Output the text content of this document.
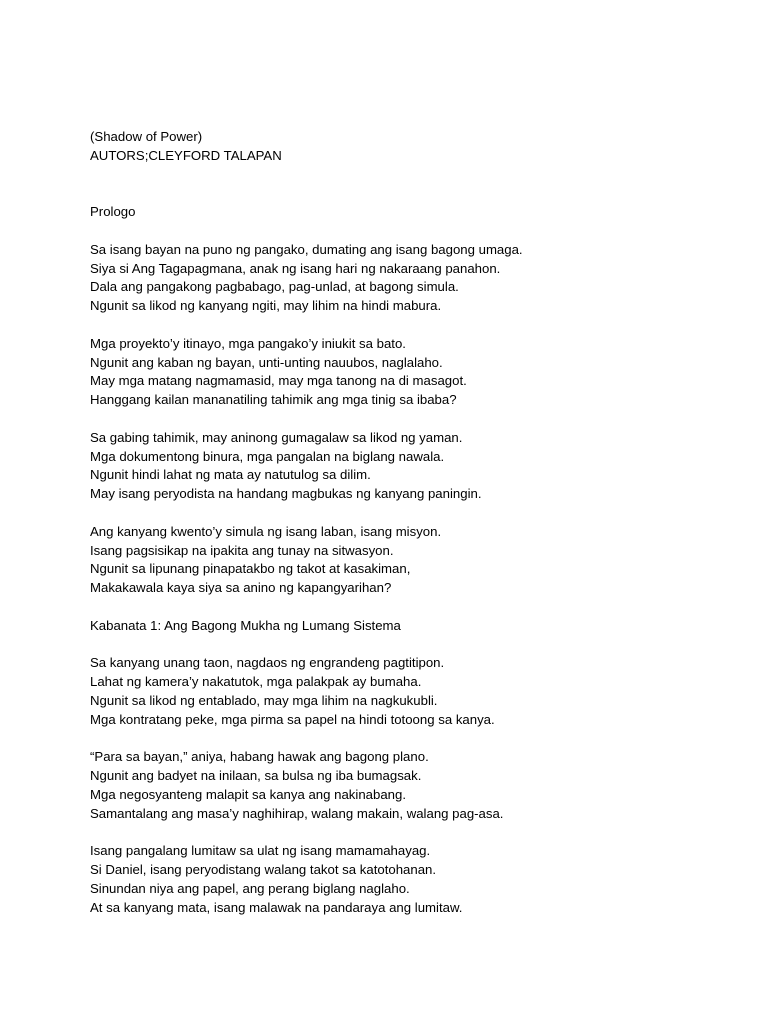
(Shadow of Power)
AUTORS;CLEYFORD TALAPAN
Prologo
Sa isang bayan na puno ng pangako, dumating ang isang bagong umaga.
Siya si Ang Tagapagmana, anak ng isang hari ng nakaraang panahon.
Dala ang pangakong pagbabago, pag-unlad, at bagong simula.
Ngunit sa likod ng kanyang ngiti, may lihim na hindi mabura.
Mga proyekto’y itinayo, mga pangako’y iniukit sa bato.
Ngunit ang kaban ng bayan, unti-unting nauubos, naglalaho.
May mga matang nagmamasid, may mga tanong na di masagot.
Hanggang kailan mananatiling tahimik ang mga tinig sa ibaba?
Sa gabing tahimik, may aninong gumagalaw sa likod ng yaman.
Mga dokumentong binura, mga pangalan na biglang nawala.
Ngunit hindi lahat ng mata ay natutulog sa dilim.
May isang peryodista na handang magbukas ng kanyang paningin.
Ang kanyang kwento’y simula ng isang laban, isang misyon.
Isang pagsisikap na ipakita ang tunay na sitwasyon.
Ngunit sa lipunang pinapatakbo ng takot at kasakiman,
Makakawala kaya siya sa anino ng kapangyarihan?
Kabanata 1: Ang Bagong Mukha ng Lumang Sistema
Sa kanyang unang taon, nagdaos ng engrandeng pagtitipon.
Lahat ng kamera’y nakatutok, mga palakpak ay bumaha.
Ngunit sa likod ng entablado, may mga lihim na nagkukubli.
Mga kontratang peke, mga pirma sa papel na hindi totoong sa kanya.
“Para sa bayan,” aniya, habang hawak ang bagong plano.
Ngunit ang badyet na inilaan, sa bulsa ng iba bumagsak.
Mga negosyanteng malapit sa kanya ang nakinabang.
Samantalang ang masa’y naghihirap, walang makain, walang pag-asa.
Isang pangalang lumitaw sa ulat ng isang mamamahayag.
Si Daniel, isang peryodistang walang takot sa katotohanan.
Sinundan niya ang papel, ang perang biglang naglaho.
At sa kanyang mata, isang malawak na pandaraya ang lumitaw.
